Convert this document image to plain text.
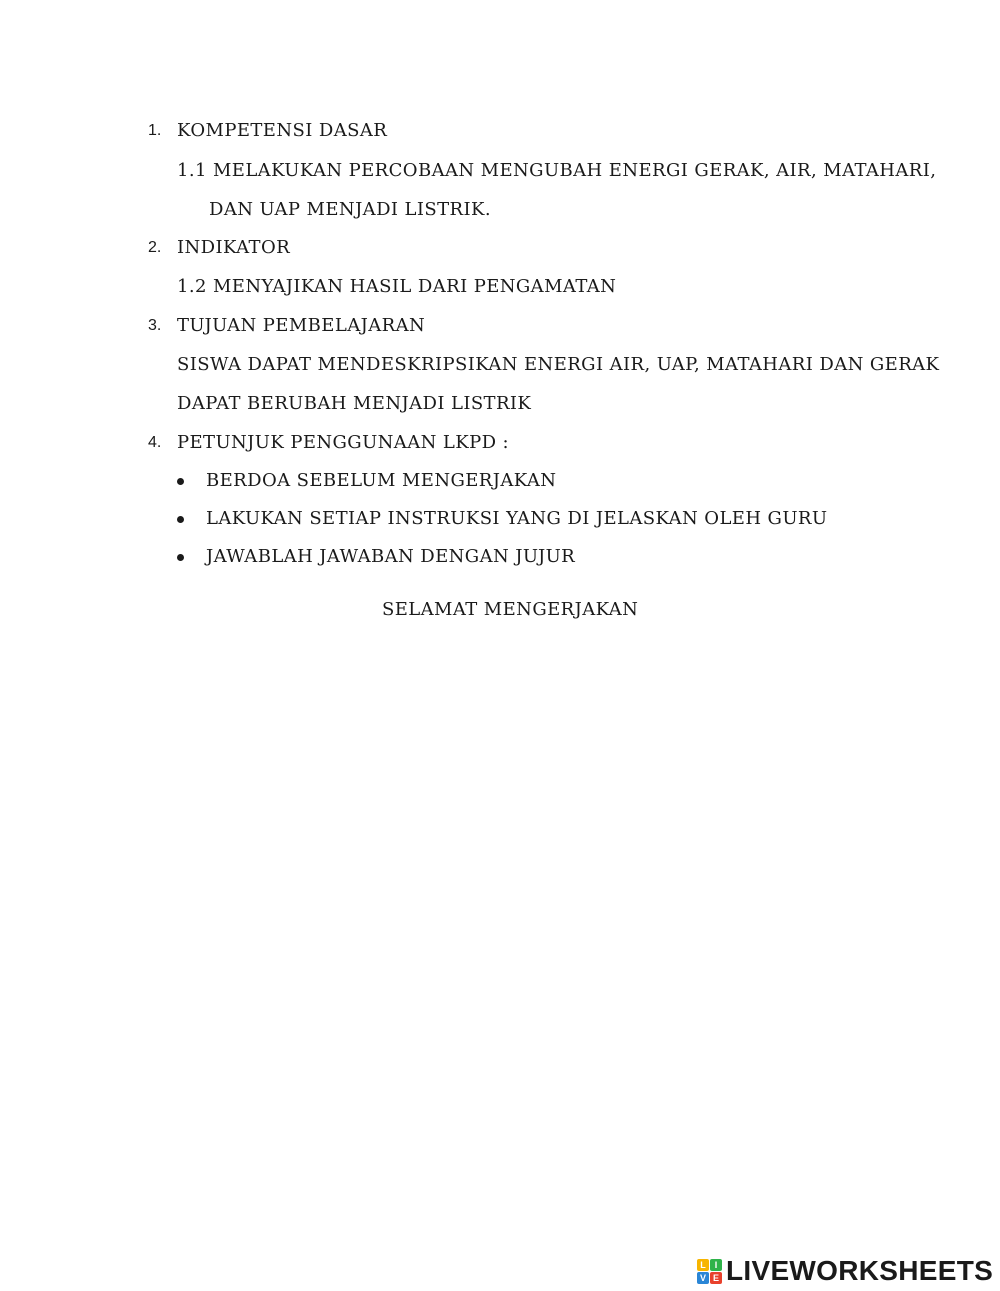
1. KOMPETENSI DASAR
1.1 MELAKUKAN PERCOBAAN MENGUBAH ENERGI GERAK, AIR, MATAHARI,
DAN UAP MENJADI LISTRIK.
2. INDIKATOR
1.2 MENYAJIKAN HASIL DARI PENGAMATAN
3. TUJUAN PEMBELAJARAN
SISWA DAPAT MENDESKRIPSIKAN ENERGI AIR, UAP, MATAHARI DAN GERAK
DAPAT BERUBAH MENJADI LISTRIK
4. PETUNJUK PENGGUNAAN LKPD :
BERDOA SEBELUM MENGERJAKAN
LAKUKAN SETIAP INSTRUKSI YANG DI JELASKAN OLEH GURU
JAWABLAH JAWABAN DENGAN JUJUR
SELAMAT MENGERJAKAN
L I
V E LIVEWORKSHEETS
